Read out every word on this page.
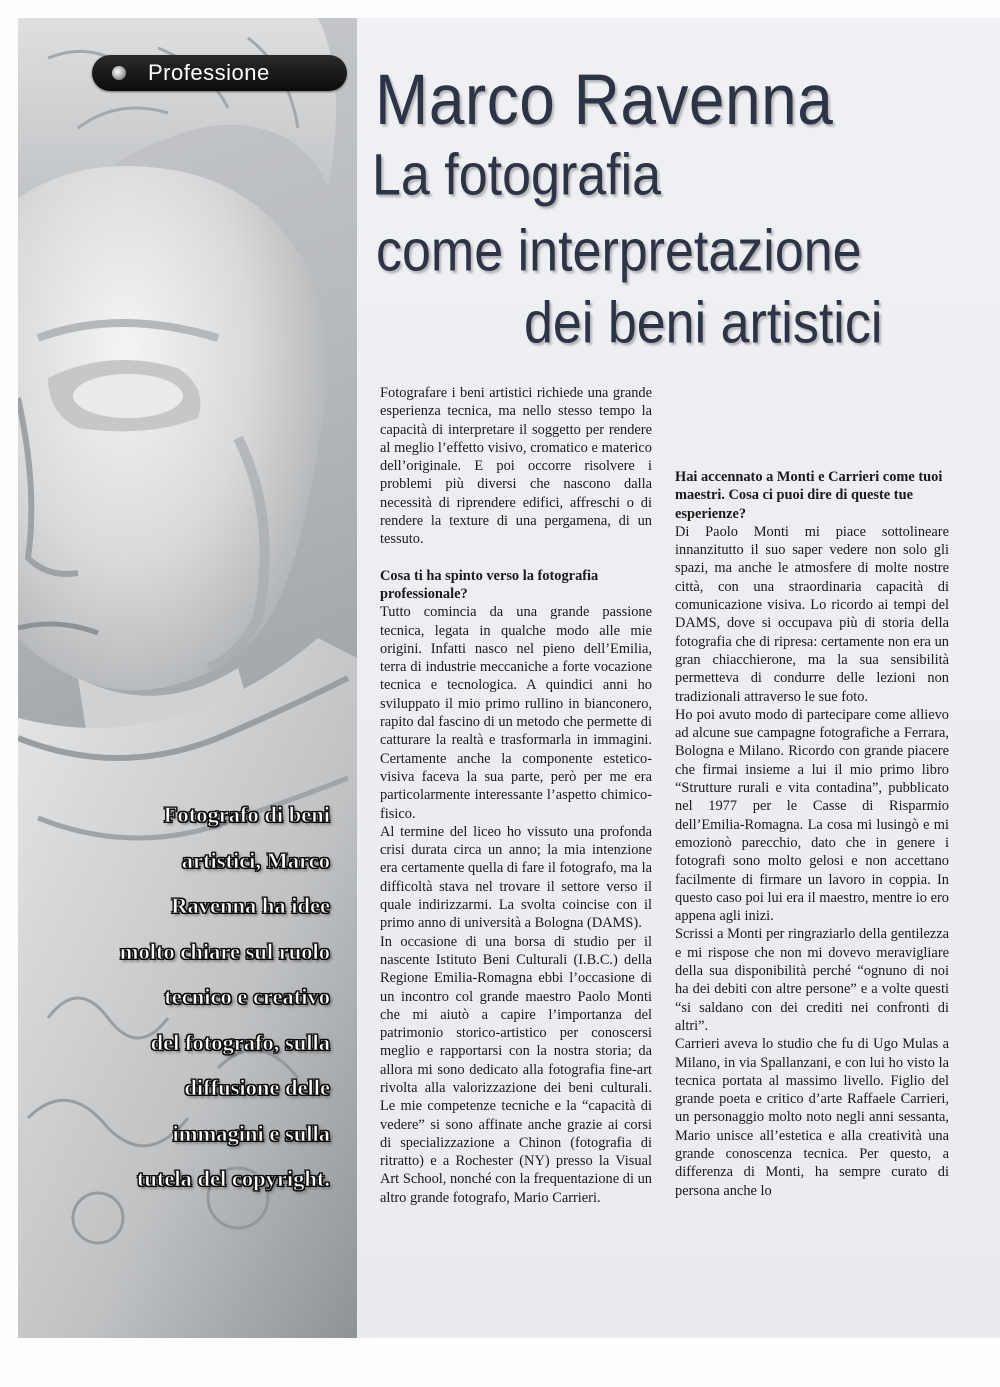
Professione Marco Ravenna
La fotografia
come interpretazione
dei beni artistici
Fotografo di beni
artistici, Marco
Ravenna ha idee
molto chiare sul ruolo
tecnico e creativo
del fotografo, sulla
diffusione delle
immagini e sulla
tutela del copyright.

Fotografare i beni artistici richiede una grande esperienza tecnica, ma nello stesso tempo la capacità di interpretare il soggetto per rendere al meglio l’effetto visivo, cromatico e materico dell’originale. E poi occorre risolvere i problemi più diversi che nascono dalla necessità di riprendere edifici, affreschi o di rendere la texture di una pergamena, di un tessuto.

Cosa ti ha spinto verso la fotografia professionale?

Tutto comincia da una grande passione tecnica, legata in qualche modo alle mie origini. Infatti nasco nel pieno dell’Emilia, terra di industrie meccaniche a forte vocazione tecnica e tecnologica. A quindici anni ho sviluppato il mio primo rullino in bianconero, rapito dal fascino di un metodo che permette di catturare la realtà e trasformarla in immagini. Certamente anche la componente estetico-visiva faceva la sua parte, però per me era particolarmente interessante l’aspetto chimico-fisico.

Al termine del liceo ho vissuto una profonda crisi durata circa un anno; la mia intenzione era certamente quella di fare il fotografo, ma la difficoltà stava nel trovare il settore verso il quale indirizzarmi. La svolta coincise con il primo anno di università a Bologna (DAMS).

In occasione di una borsa di studio per il nascente Istituto Beni Culturali (I.B.C.) della Regione Emilia-Romagna ebbi l’occasione di un incontro col grande maestro Paolo Monti che mi aiutò a capire l’importanza del patrimonio storico-artistico per conoscersi meglio e rapportarsi con la nostra storia; da allora mi sono dedicato alla fotografia fine-art rivolta alla valorizzazione dei beni culturali. Le mie competenze tecniche e la “capacità di vedere” si sono affinate anche grazie ai corsi di specializzazione a Chinon (fotografia di ritratto) e a Rochester (NY) presso la Visual Art School, nonché con la frequentazione di un altro grande fotografo, Mario Carrieri.

Hai accennato a Monti e Carrieri come tuoi maestri. Cosa ci puoi dire di queste tue esperienze?

Di Paolo Monti mi piace sottolineare innanzitutto il suo saper vedere non solo gli spazi, ma anche le atmosfere di molte nostre città, con una straordinaria capacità di comunicazione visiva. Lo ricordo ai tempi del DAMS, dove si occupava più di storia della fotografia che di ripresa: certamente non era un gran chiacchierone, ma la sua sensibilità permetteva di condurre delle lezioni non tradizionali attraverso le sue foto.

Ho poi avuto modo di partecipare come allievo ad alcune sue campagne fotografiche a Ferrara, Bologna e Milano. Ricordo con grande piacere che firmai insieme a lui il mio primo libro “Strutture rurali e vita contadina”, pubblicato nel 1977 per le Casse di Risparmio dell’Emilia-Romagna. La cosa mi lusingò e mi emozionò parecchio, dato che in genere i fotografi sono molto gelosi e non accettano facilmente di firmare un lavoro in coppia. In questo caso poi lui era il maestro, mentre io ero appena agli inizi.

Scrissi a Monti per ringraziarlo della gentilezza e mi rispose che non mi dovevo meravigliare della sua disponibilità perché “ognuno di noi ha dei debiti con altre persone” e a volte questi “si saldano con dei crediti nei confronti di altri”.

Carrieri aveva lo studio che fu di Ugo Mulas a Milano, in via Spallanzani, e con lui ho visto la tecnica portata al massimo livello. Figlio del grande poeta e critico d’arte Raffaele Carrieri, un personaggio molto noto negli anni sessanta, Mario unisce all’estetica e alla creatività una grande conoscenza tecnica. Per questo, a differenza di Monti, ha sempre curato di persona anche lo
